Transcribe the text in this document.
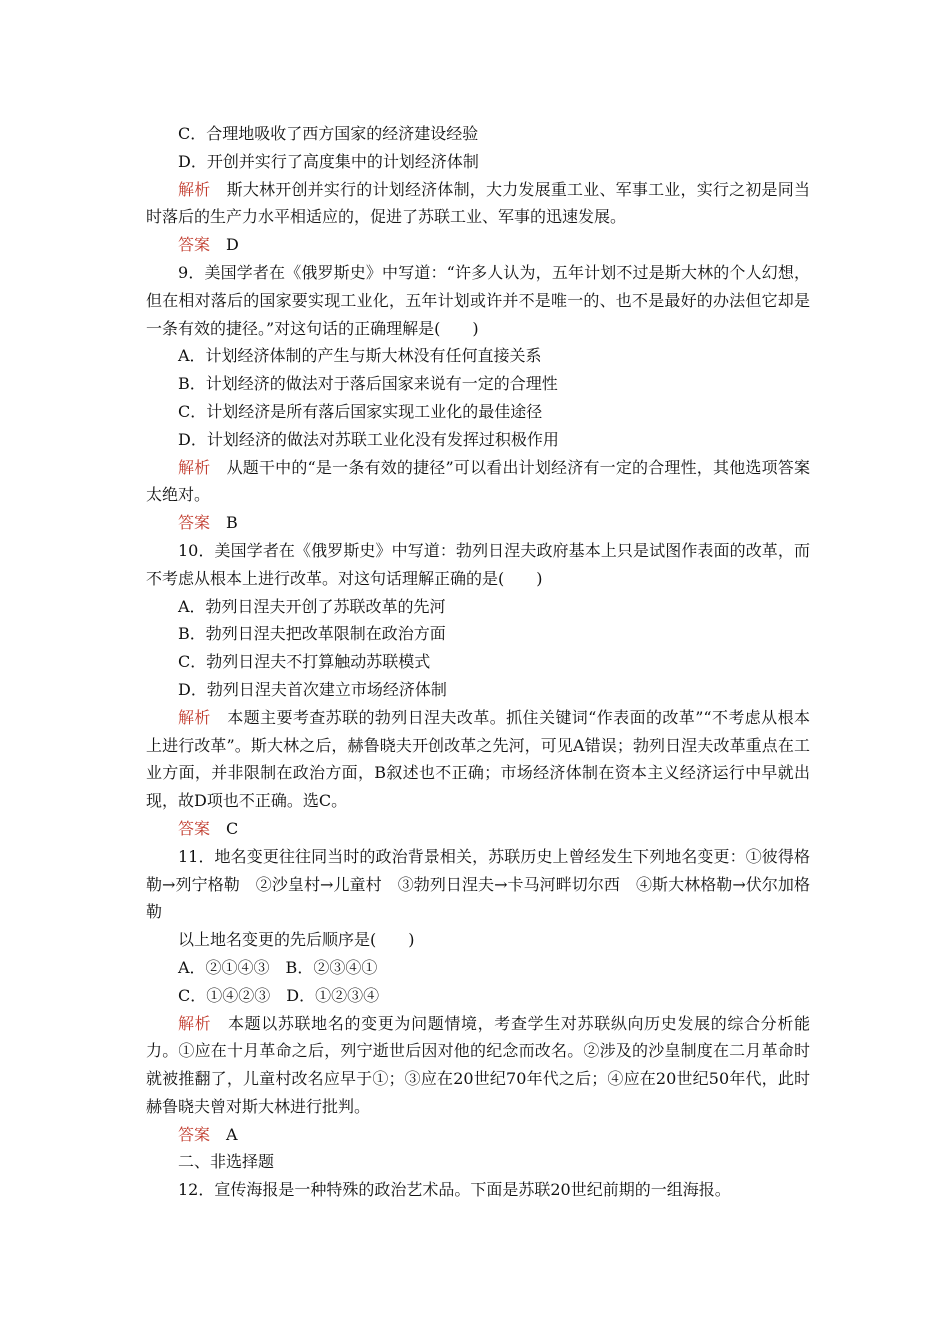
C．合理地吸收了西方国家的经济建设经验

D．开创并实行了高度集中的计划经济体制

解析　斯大林开创并实行的计划经济体制，大力发展重工业、军事工业，实行之初是同当时落后的生产力水平相适应的，促进了苏联工业、军事的迅速发展。

答案　D

9．美国学者在《俄罗斯史》中写道：“许多人认为，五年计划不过是斯大林的个人幻想，但在相对落后的国家要实现工业化，五年计划或许并不是唯一的、也不是最好的办法但它却是一条有效的捷径。”对这句话的正确理解是(　　)

A．计划经济体制的产生与斯大林没有任何直接关系

B．计划经济的做法对于落后国家来说有一定的合理性

C．计划经济是所有落后国家实现工业化的最佳途径

D．计划经济的做法对苏联工业化没有发挥过积极作用

解析　从题干中的“是一条有效的捷径”可以看出计划经济有一定的合理性，其他选项答案太绝对。

答案　B

10．美国学者在《俄罗斯史》中写道：勃列日涅夫政府基本上只是试图作表面的改革，而不考虑从根本上进行改革。对这句话理解正确的是(　　)

A．勃列日涅夫开创了苏联改革的先河

B．勃列日涅夫把改革限制在政治方面

C．勃列日涅夫不打算触动苏联模式

D．勃列日涅夫首次建立市场经济体制

解析　本题主要考查苏联的勃列日涅夫改革。抓住关键词“作表面的改革”“不考虑从根本上进行改革”。斯大林之后，赫鲁晓夫开创改革之先河，可见A错误；勃列日涅夫改革重点在工业方面，并非限制在政治方面，B叙述也不正确；市场经济体制在资本主义经济运行中早就出现，故D项也不正确。选C。

答案　C

11．地名变更往往同当时的政治背景相关，苏联历史上曾经发生下列地名变更：①彼得格勒→列宁格勒　②沙皇村→儿童村　③勃列日涅夫→卡马河畔切尔西　④斯大林格勒→伏尔加格勒

以上地名变更的先后顺序是(　　)

A．②①④③　B．②③④①

C．①④②③　D．①②③④

解析　本题以苏联地名的变更为问题情境，考查学生对苏联纵向历史发展的综合分析能力。①应在十月革命之后，列宁逝世后因对他的纪念而改名。②涉及的沙皇制度在二月革命时就被推翻了，儿童村改名应早于①；③应在20世纪70年代之后；④应在20世纪50年代，此时赫鲁晓夫曾对斯大林进行批判。

答案　A

二、非选择题

12．宣传海报是一种特殊的政治艺术品。下面是苏联20世纪前期的一组海报。
